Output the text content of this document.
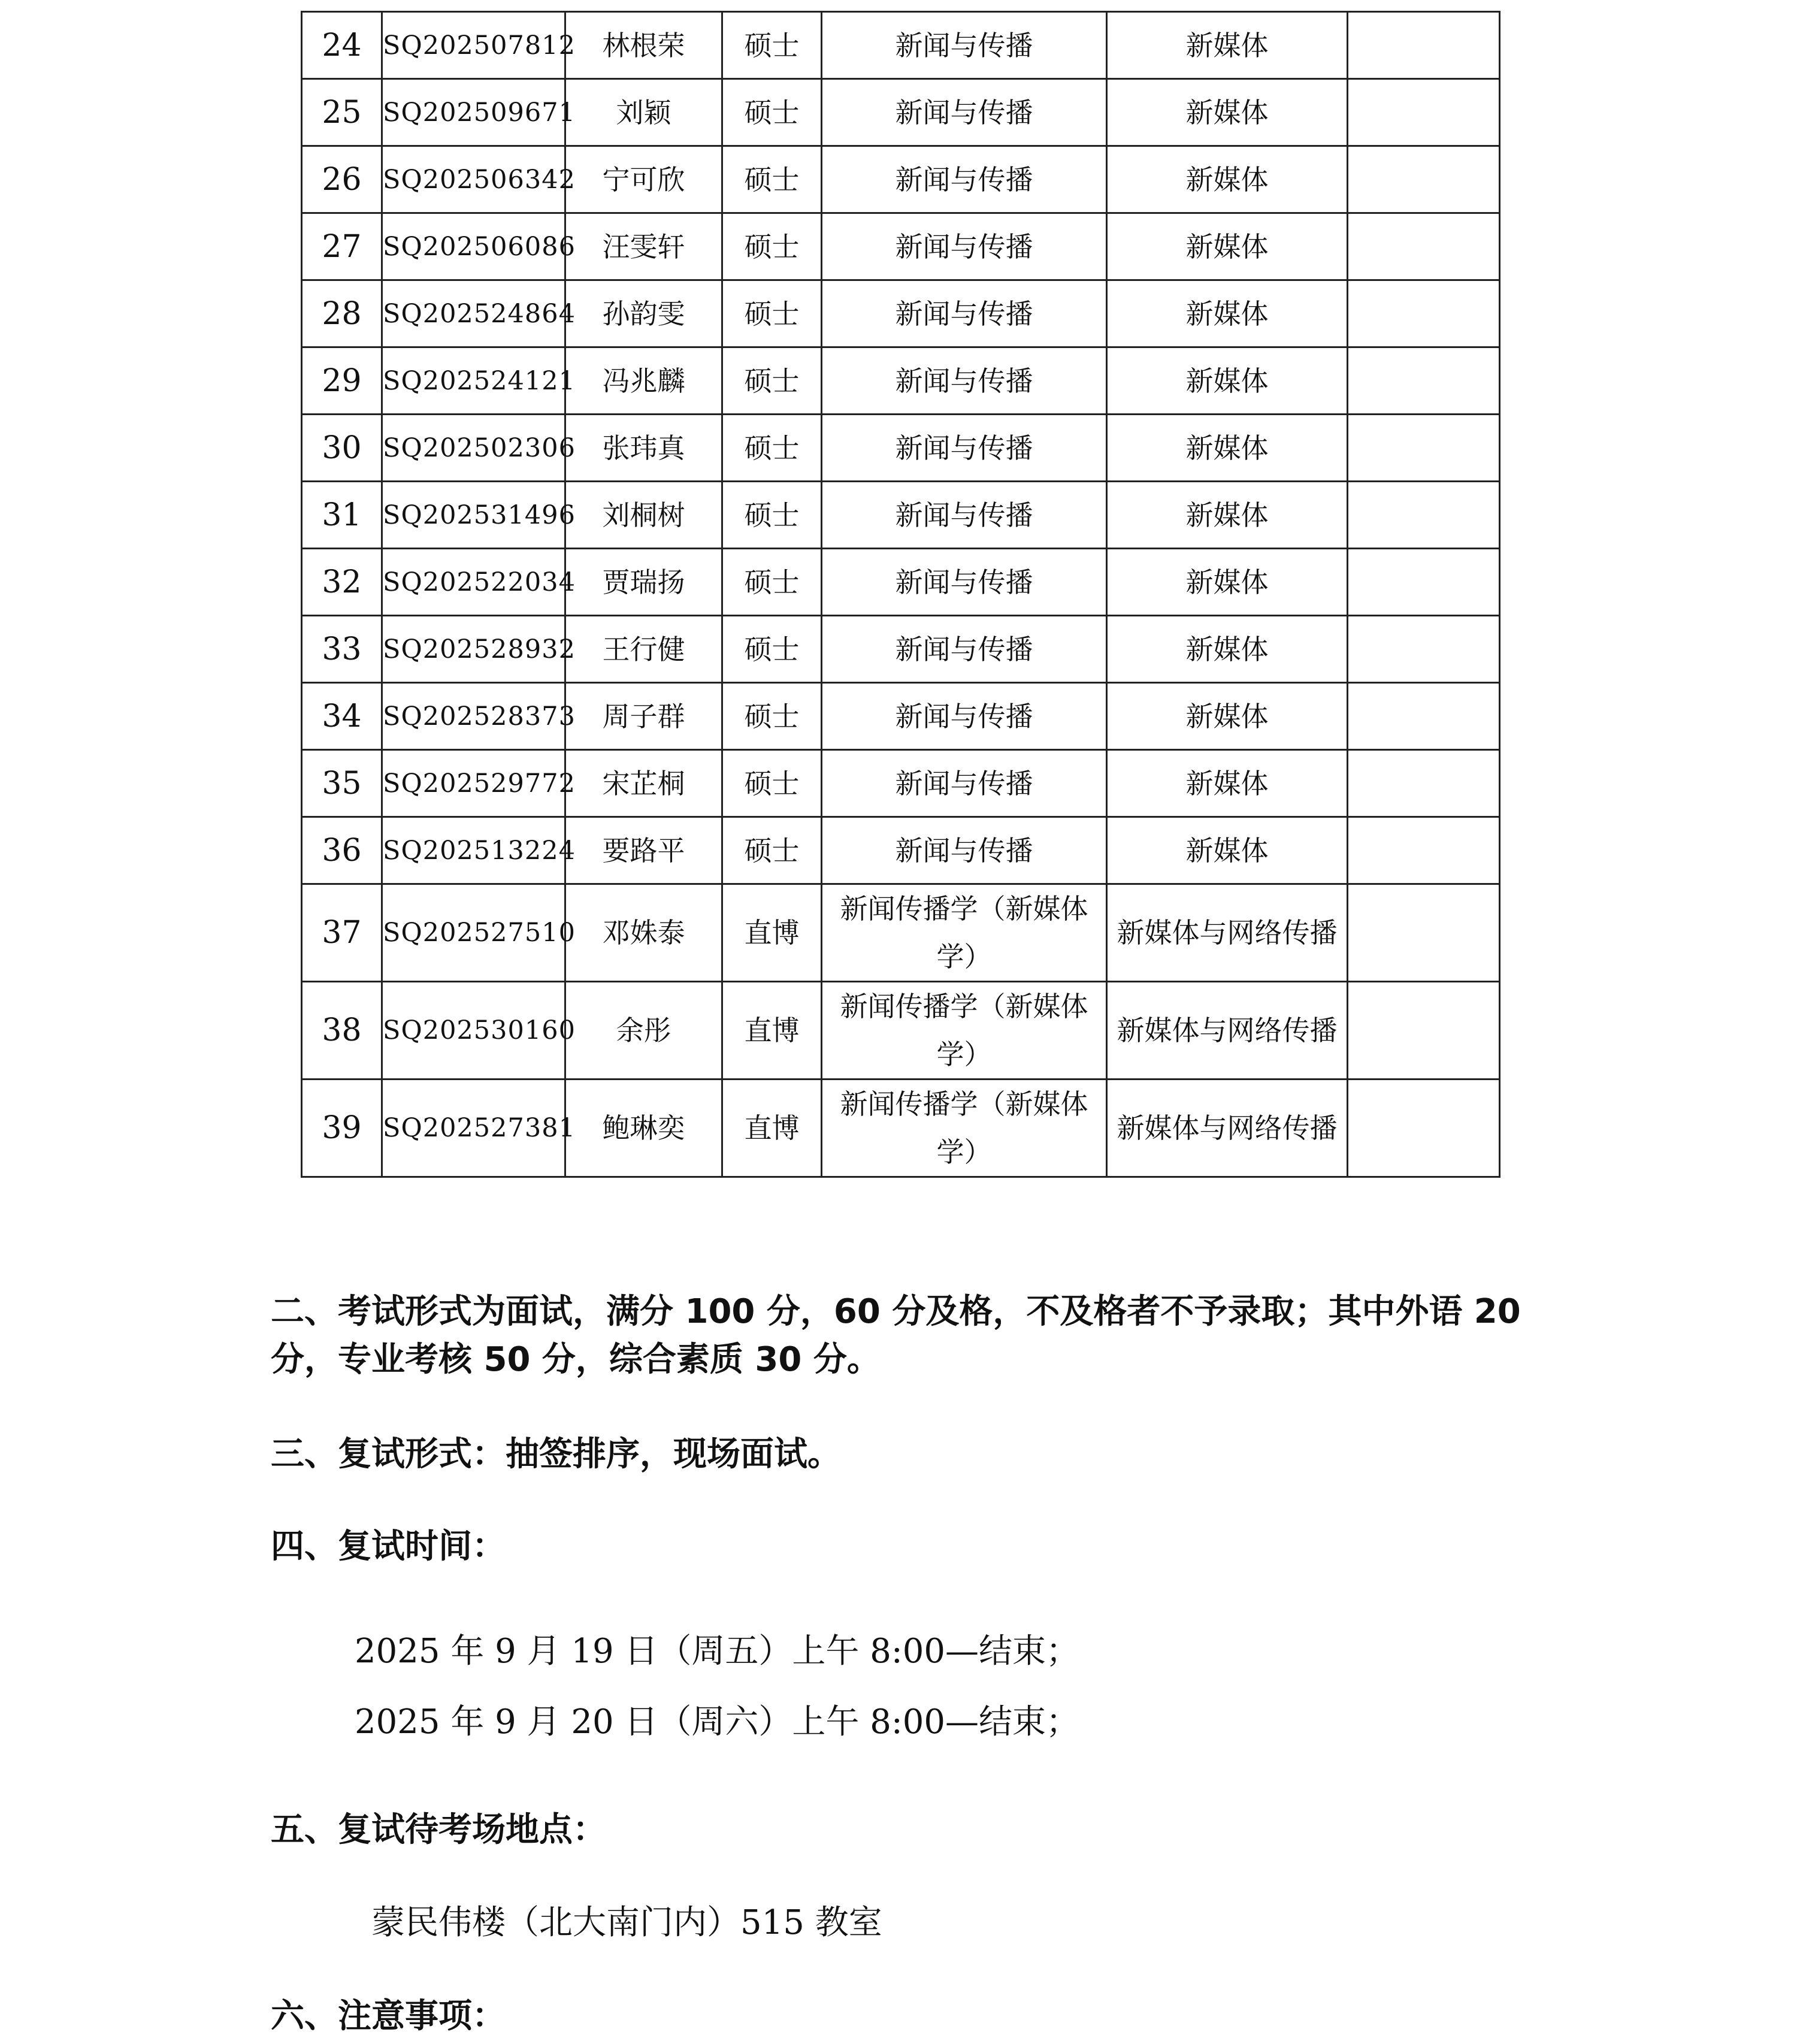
24	SQ202507812	林根荣	硕士	新闻与传播	新媒体	
25	SQ202509671	刘颖	硕士	新闻与传播	新媒体	
26	SQ202506342	宁可欣	硕士	新闻与传播	新媒体	
27	SQ202506086	汪雯轩	硕士	新闻与传播	新媒体	
28	SQ202524864	孙韵雯	硕士	新闻与传播	新媒体	
29	SQ202524121	冯兆麟	硕士	新闻与传播	新媒体	
30	SQ202502306	张玮真	硕士	新闻与传播	新媒体	
31	SQ202531496	刘桐树	硕士	新闻与传播	新媒体	
32	SQ202522034	贾瑞扬	硕士	新闻与传播	新媒体	
33	SQ202528932	王行健	硕士	新闻与传播	新媒体	
34	SQ202528373	周子群	硕士	新闻与传播	新媒体	
35	SQ202529772	宋芷桐	硕士	新闻与传播	新媒体	
36	SQ202513224	要路平	硕士	新闻与传播	新媒体	
37	SQ202527510	邓姝泰	直博	新闻传播学（新媒体学）	新媒体与网络传播	
38	SQ202530160	余彤	直博	新闻传播学（新媒体学）	新媒体与网络传播	
39	SQ202527381	鲍琳奕	直博	新闻传播学（新媒体学）	新媒体与网络传播	
二、考试形式为面试，满分 100 分，60 分及格，不及格者不予录取；其中外语 20 分，专业考核 50 分，综合素质 30 分。
三、复试形式：抽签排序，现场面试。
四、复试时间：
2025 年 9 月 19 日（周五）上午 8:00—结束；
2025 年 9 月 20 日（周六）上午 8:00—结束；
五、复试待考场地点：
蒙民伟楼（北大南门内）515 教室
六、注意事项：
